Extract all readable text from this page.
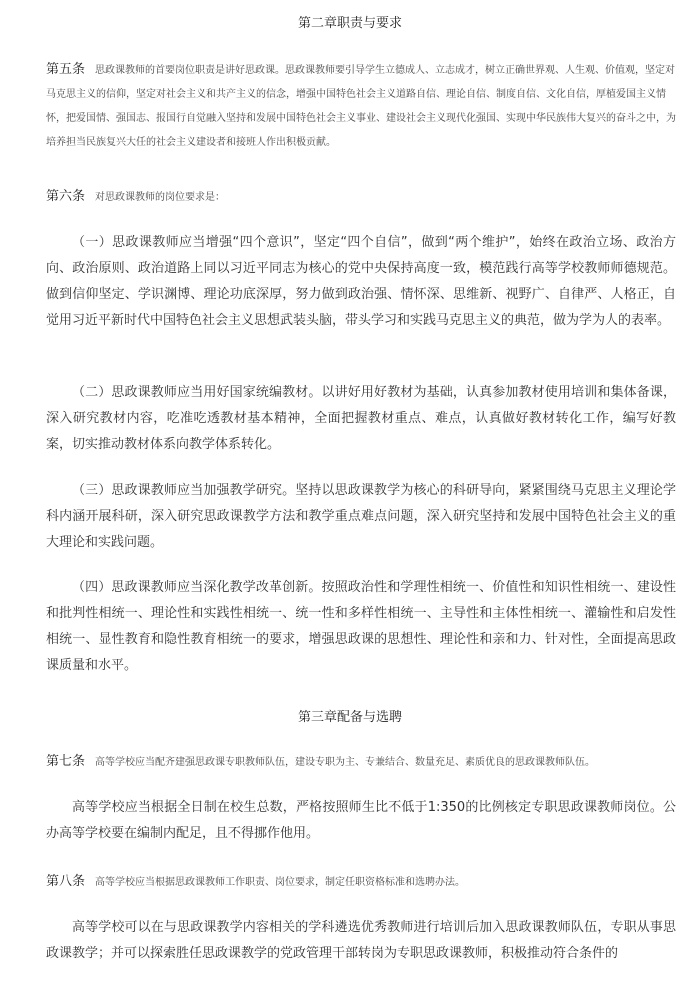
第二章职责与要求
第五条 思政课教师的首要岗位职责是讲好思政课。思政课教师要引导学生立德成人、立志成才，树立正确世界观、人生观、价值观，坚定对马克思主义的信仰，坚定对社会主义和共产主义的信念，增强中国特色社会主义道路自信、理论自信、制度自信、文化自信，厚植爱国主义情怀，把爱国情、强国志、报国行自觉融入坚持和发展中国特色社会主义事业、建设社会主义现代化强国、实现中华民族伟大复兴的奋斗之中，为培养担当民族复兴大任的社会主义建设者和接班人作出积极贡献。
第六条 对思政课教师的岗位要求是：
（一）思政课教师应当增强“四个意识”，坚定“四个自信”，做到“两个维护”，始终在政治立场、政治方向、政治原则、政治道路上同以习近平同志为核心的党中央保持高度一致，模范践行高等学校教师师德规范。做到信仰坚定、学识渊博、理论功底深厚，努力做到政治强、情怀深、思维新、视野广、自律严、人格正，自觉用习近平新时代中国特色社会主义思想武装头脑，带头学习和实践马克思主义的典范，做为学为人的表率。
（二）思政课教师应当用好国家统编教材。以讲好用好教材为基础，认真参加教材使用培训和集体备课，深入研究教材内容，吃准吃透教材基本精神，全面把握教材重点、难点，认真做好教材转化工作，编写好教案，切实推动教材体系向教学体系转化。
（三）思政课教师应当加强教学研究。坚持以思政课教学为核心的科研导向，紧紧围绕马克思主义理论学科内涵开展科研，深入研究思政课教学方法和教学重点难点问题，深入研究坚持和发展中国特色社会主义的重大理论和实践问题。
（四）思政课教师应当深化教学改革创新。按照政治性和学理性相统一、价值性和知识性相统一、建设性和批判性相统一、理论性和实践性相统一、统一性和多样性相统一、主导性和主体性相统一、灌输性和启发性相统一、显性教育和隐性教育相统一的要求，增强思政课的思想性、理论性和亲和力、针对性，全面提高思政课质量和水平。
第三章配备与选聘
第七条 高等学校应当配齐建强思政课专职教师队伍，建设专职为主、专兼结合、数量充足、素质优良的思政课教师队伍。
高等学校应当根据全日制在校生总数，严格按照师生比不低于1:350的比例核定专职思政课教师岗位。公办高等学校要在编制内配足，且不得挪作他用。
第八条 高等学校应当根据思政课教师工作职责、岗位要求，制定任职资格标准和选聘办法。
高等学校可以在与思政课教学内容相关的学科遴选优秀教师进行培训后加入思政课教师队伍，专职从事思政课教学；并可以探索胜任思政课教学的党政管理干部转岗为专职思政课教师，积极推动符合条件的
